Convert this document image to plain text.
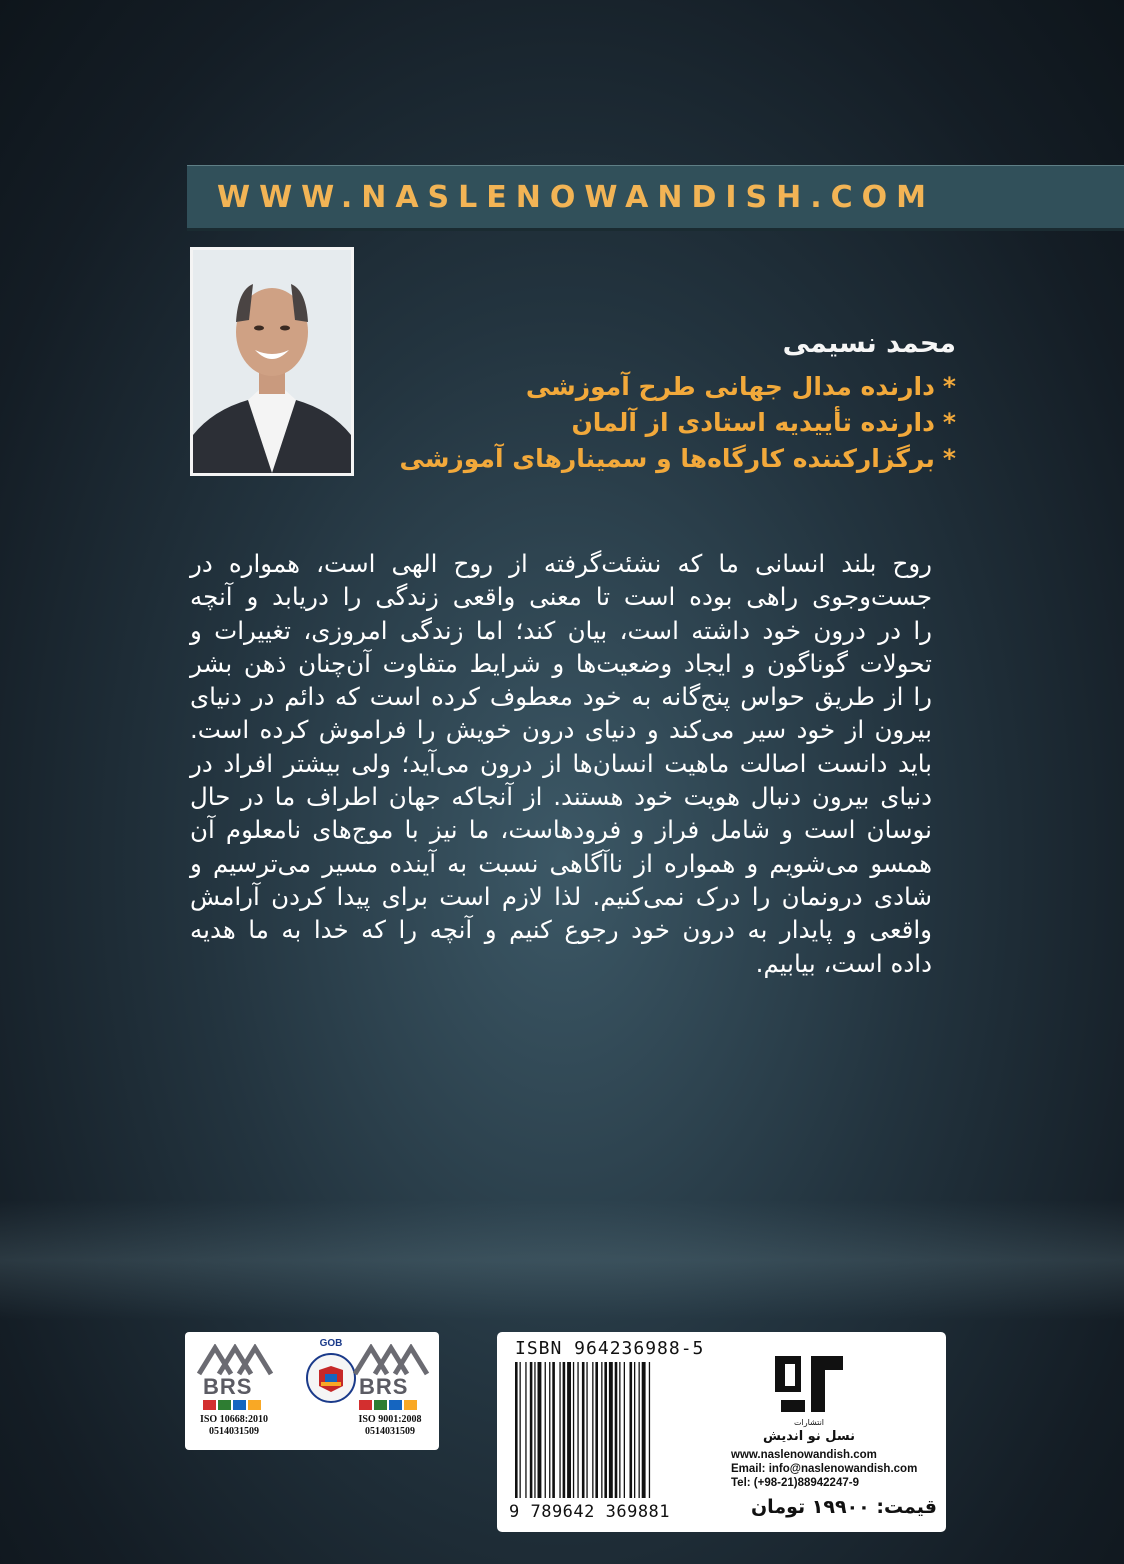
WWW.NASLENOWANDISH.COM
محمد نسیمی
*دارنده مدال جهانی طرح آموزشی
*دارنده تأییدیه استادی از آلمان
*برگزارکننده کارگاه‌ها و سمینارهای آموزشی
روح بلند انسانی ما که نشئت‌گرفته از روح الهی است، همواره در
جست‌وجوی راهی بوده است تا معنی واقعی زندگی را دریابد و آنچه
را در درون خود داشته است، بیان کند؛ اما زندگی امروزی، تغییرات و
تحولات گوناگون و ایجاد وضعیت‌ها و شرایط متفاوت آن‌چنان ذهن بشر
را از طریق حواس پنج‌گانه به خود معطوف کرده است که دائم در دنیای
بیرون از خود سیر می‌کند و دنیای درون خویش را فراموش کرده است.
باید دانست اصالت ماهیت انسان‌ها از درون می‌آید؛ ولی بیشتر افراد در
دنیای بیرون دنبال هویت خود هستند. از آنجاکه جهان اطراف ما در حال
نوسان است و شامل فراز و فرودهاست، ما نیز با موج‌های نامعلوم آن
همسو می‌شویم و همواره از ناآگاهی نسبت به آینده مسیر می‌ترسیم و
شادی درونمان را درک نمی‌کنیم. لذا لازم است برای پیدا کردن آرامش
واقعی و پایدار به درون خود رجوع کنیم و آنچه را که خدا به ما هدیه
داده است، بیابیم.
BRS
ISO 10668:2010
0514031509
GOB
BRS
ISO 9001:2008
0514031509
ISBN 964236988-5
9 789642 369881
انتشارات
نسل نو اندیش
www.naslenowandish.com
Email: info@naslenowandish.com
Tel: (+98-21)88942247-9
قیمت: ۱۹۹۰۰ تومان
